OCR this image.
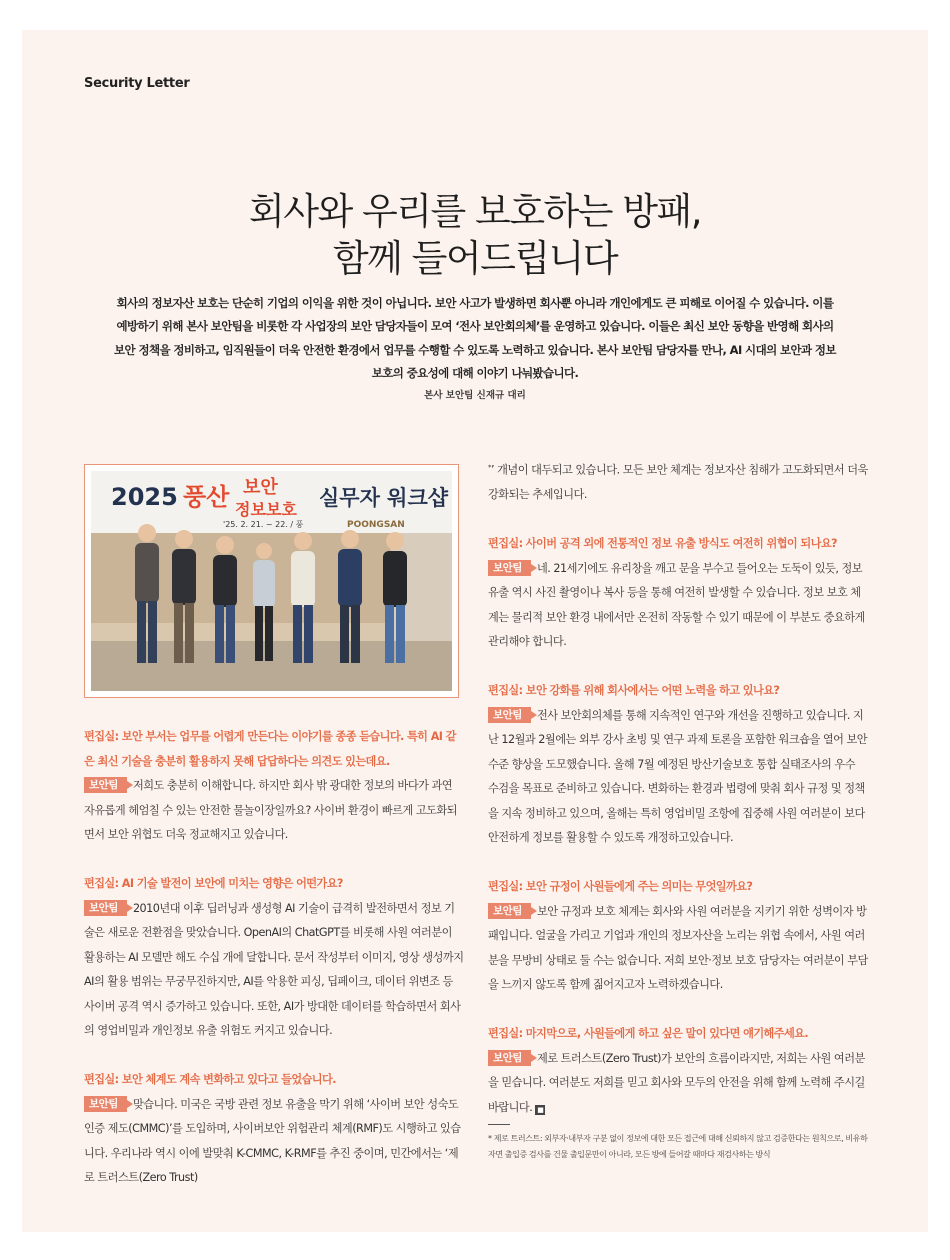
Security Letter
회사와 우리를 보호하는 방패,
함께 들어드립니다

회사의 정보자산 보호는 단순히 기업의 이익을 위한 것이 아닙니다. 보안 사고가 발생하면 회사뿐 아니라 개인에게도 큰 피해로 이어질 수 있습니다. 이를 예방하기 위해 본사 보안팀을 비롯한 각 사업장의 보안 담당자들이 모여 ‘전사 보안회의체’를 운영하고 있습니다. 이들은 최신 보안 동향을 반영해 회사의 보안 정책을 정비하고, 임직원들이 더욱 안전한 환경에서 업무를 수행할 수 있도록 노력하고 있습니다. 본사 보안팀 담당자를 만나, AI 시대의 보안과 정보 보호의 중요성에 대해 이야기 나눠봤습니다.

본사 보안팀 신재규 대리
2025 풍산 보안
정보보호 실무자 워크샵
'25. 2. 21. ~ 22. / 풍	POONGSAN

편집실: 보안 부서는 업무를 어렵게 만든다는 이야기를 종종 듣습니다. 특히 AI 같은 최신 기술을 충분히 활용하지 못해 답답하다는 의견도 있는데요.
보안팀 저희도 충분히 이해합니다. 하지만 회사 밖 광대한 정보의 바다가 과연 자유롭게 헤엄칠 수 있는 안전한 물놀이장일까요? 사이버 환경이 빠르게 고도화되면서 보안 위협도 더욱 정교해지고 있습니다.

편집실: AI 기술 발전이 보안에 미치는 영향은 어떤가요?
보안팀 2010년대 이후 딥러닝과 생성형 AI 기술이 급격히 발전하면서 정보 기술은 새로운 전환점을 맞았습니다. OpenAI의 ChatGPT를 비롯해 사원 여러분이 활용하는 AI 모델만 해도 수십 개에 달합니다. 문서 작성부터 이미지, 영상 생성까지 AI의 활용 범위는 무궁무진하지만, AI를 악용한 피싱, 딥페이크, 데이터 위변조 등 사이버 공격 역시 증가하고 있습니다. 또한, AI가 방대한 데이터를 학습하면서 회사의 영업비밀과 개인정보 유출 위험도 커지고 있습니다.

편집실: 보안 체계도 계속 변화하고 있다고 들었습니다.
보안팀 맞습니다. 미국은 국방 관련 정보 유출을 막기 위해 ‘사이버 보안 성숙도 인증 제도(CMMC)’를 도입하며, 사이버보안 위험관리 체계(RMF)도 시행하고 있습니다. 우리나라 역시 이에 발맞춰 K-CMMC, K-RMF를 추진 중이며, 민간에서는 ‘제로 트러스트(Zero Trust)

*’ 개념이 대두되고 있습니다. 모든 보안 체계는 정보자산 침해가 고도화되면서 더욱 강화되는 추세입니다.

편집실: 사이버 공격 외에 전통적인 정보 유출 방식도 여전히 위협이 되나요?
보안팀 네. 21세기에도 유리창을 깨고 문을 부수고 들어오는 도둑이 있듯, 정보 유출 역시 사진 촬영이나 복사 등을 통해 여전히 발생할 수 있습니다. 정보 보호 체계는 물리적 보안 환경 내에서만 온전히 작동할 수 있기 때문에 이 부분도 중요하게 관리해야 합니다.

편집실: 보안 강화를 위해 회사에서는 어떤 노력을 하고 있나요?
보안팀 전사 보안회의체를 통해 지속적인 연구와 개선을 진행하고 있습니다. 지난 12월과 2월에는 외부 강사 초빙 및 연구 과제 토론을 포함한 워크숍을 열어 보안 수준 향상을 도모했습니다. 올해 7월 예정된 방산기술보호 통합 실태조사의 우수 수검을 목표로 준비하고 있습니다. 변화하는 환경과 법령에 맞춰 회사 규정 및 정책을 지속 정비하고 있으며, 올해는 특히 영업비밀 조항에 집중해 사원 여러분이 보다 안전하게 정보를 활용할 수 있도록 개정하고있습니다.

편집실: 보안 규정이 사원들에게 주는 의미는 무엇일까요?
보안팀 보안 규정과 보호 체계는 회사와 사원 여러분을 지키기 위한 성벽이자 방패입니다. 얼굴을 가리고 기업과 개인의 정보자산을 노리는 위협 속에서, 사원 여러분을 무방비 상태로 둘 수는 없습니다. 저희 보안·정보 보호 담당자는 여러분이 부담을 느끼지 않도록 함께 짊어지고자 노력하겠습니다.

편집실: 마지막으로, 사원들에게 하고 싶은 말이 있다면 얘기해주세요.
보안팀 제로 트러스트(Zero Trust)가 보안의 흐름이라지만, 저희는 사원 여러분을 믿습니다. 여러분도 저희를 믿고 회사와 모두의 안전을 위해 함께 노력해 주시길 바랍니다. ■

* 제로 트러스트: 외부자·내부자 구분 없이 정보에 대한 모든 접근에 대해 신뢰하지 않고 검증한다는 원칙으로, 비유하자면 출입증 검사를 건물 출입문만이 아니라, 모든 방에 들어갈 때마다 재검사하는 방식
